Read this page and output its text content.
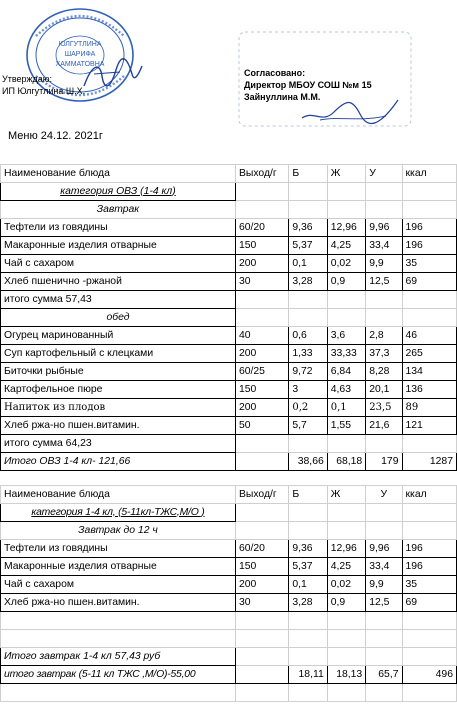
ЮЛГУТЛИНА
ШАРИФА
ХАММАТОВНА
Утверждаю:
ИП Юлгутлина Ш.Х.
Согласовано:
Директор МБОУ СОШ №м 15
Зайнуллина М.М.
Меню 24.12. 2021г
Наименование блюда	Выход/г	Б	Ж	У	ккал
категория ОВЗ (1-4 кл)					
Завтрак					
Тефтели из говядины	60/20	9,36	12,96	9,96	196
Макаронные изделия отварные	150	5,37	4,25	33,4	196
Чай с сахаром	200	0,1	0,02	9,9	35
Хлеб пшенично -ржаной	30	3,28	0,9	12,5	69
итого сумма 57,43					
обед					
Огурец маринованный	40	0,6	3,6	2,8	46
Суп картофельный с клецками	200	1,33	33,33	37,3	265
Биточки рыбные	60/25	9,72	6,84	8,28	134
Картофельное пюре	150	3	4,63	20,1	136
Напиток из плодов	200	0,2	0,1	23,5	89
Хлеб ржа-но пшен.витамин.	50	5,7	1,55	21,6	121
итого сумма 64,23					
Итого ОВЗ 1-4 кл- 121,66		38,66	68,18	179	1287
Наименование блюда	Выход/г	Б	Ж	У	ккал
категория 1-4 кл, (5-11кл-ТЖС,М/О )					
Завтрак до 12 ч					
Тефтели из говядины	60/20	9,36	12,96	9,96	196
Макаронные изделия отварные	150	5,37	4,25	33,4	196
Чай с сахаром	200	0,1	0,02	9,9	35
Хлеб ржа-но пшен.витамин.	30	3,28	0,9	12,5	69

Итого завтрак 1-4 кл 57,43 руб					
итого завтрак (5-11 кл ТЖС ,М/О)-55,00		18,11	18,13	65,7	496
